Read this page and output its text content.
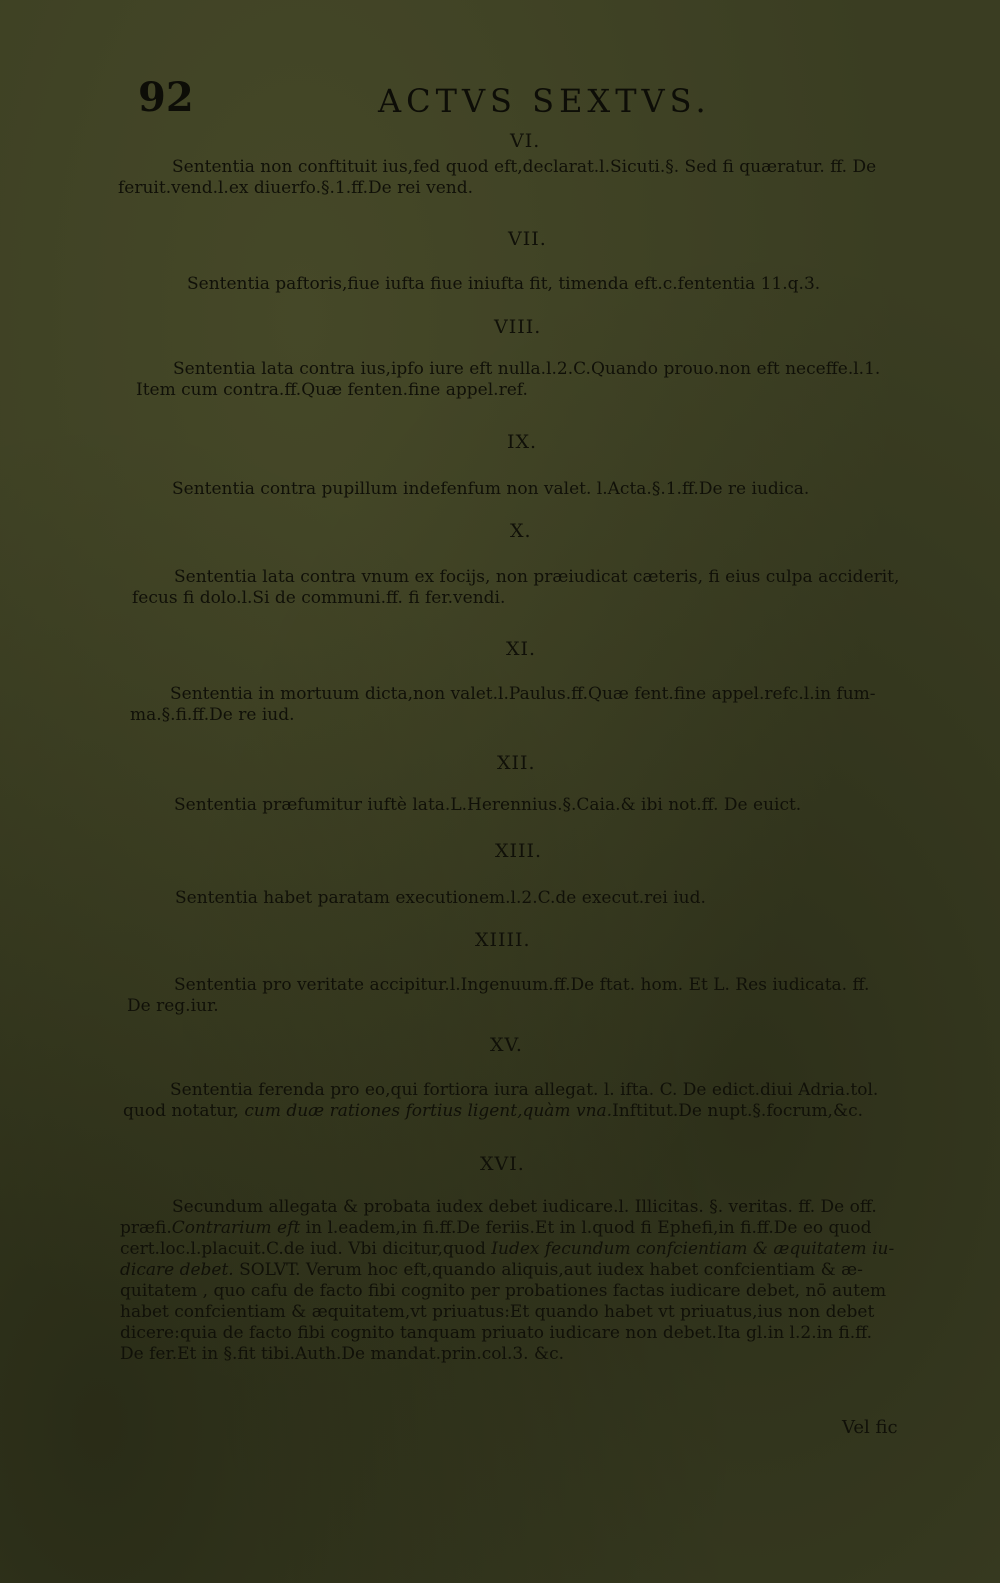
92	ACTVS SEXTVS.
VI.
Sententia non conftituit ius,fed quod eft,declarat.l.Sicuti.§. Sed fi quæratur. ff. De
feruit.vend.l.ex diuerfo.§.1.ff.De rei vend.
VII.
Sententia paftoris,fiue iufta fiue iniufta fit, timenda eft.c.fententia 11.q.3.
VIII.
Sententia lata contra ius,ipfo iure eft nulla.l.2.C.Quando prouo.non eft neceffe.l.1.
Item cum contra.ff.Quæ fenten.fine appel.ref.
IX.
Sententia contra pupillum indefenfum non valet. l.Acta.§.1.ff.De re iudica.
X.
Sententia lata contra vnum ex focijs, non præiudicat cæteris, fi eius culpa acciderit,
fecus fi dolo.l.Si de communi.ff. fi fer.vendi.
XI.
Sententia in mortuum dicta,non valet.l.Paulus.ff.Quæ fent.fine appel.refc.l.in fum-
ma.§.fi.ff.De re iud.
XII.
Sententia præfumitur iuftè lata.L.Herennius.§.Caia.& ibi not.ff. De euict.
XIII.
Sententia habet paratam executionem.l.2.C.de execut.rei iud.
XIIII.
Sententia pro veritate accipitur.l.Ingenuum.ff.De ftat. hom. Et L. Res iudicata. ff.
De reg.iur.
XV.
Sententia ferenda pro eo,qui fortiora iura allegat. l. ifta. C. De edict.diui Adria.tol.
quod notatur, cum duæ rationes fortius ligent,quàm vna.Inftitut.De nupt.§.focrum,&c.
XVI.
Secundum allegata & probata iudex debet iudicare.l. Illicitas. §. veritas. ff. De off.
præfi.Contrarium eft in l.eadem,in fi.ff.De feriis.Et in l.quod fi Ephefi,in fi.ff.De eo quod
cert.loc.l.placuit.C.de iud. Vbi dicitur,quod Iudex fecundum confcientiam & æquitatem iu-
dicare debet. SOLVT. Verum hoc eft,quando aliquis,aut iudex habet confcientiam & æ-
quitatem , quo cafu de facto fibi cognito per probationes factas iudicare debet, nō autem
habet confcientiam & æquitatem,vt priuatus:Et quando habet vt priuatus,ius non debet
dicere:quia de facto fibi cognito tanquam priuato iudicare non debet.Ita gl.in l.2.in fi.ff.
De fer.Et in §.fit tibi.Auth.De mandat.prin.col.3. &c.
Vel fic
